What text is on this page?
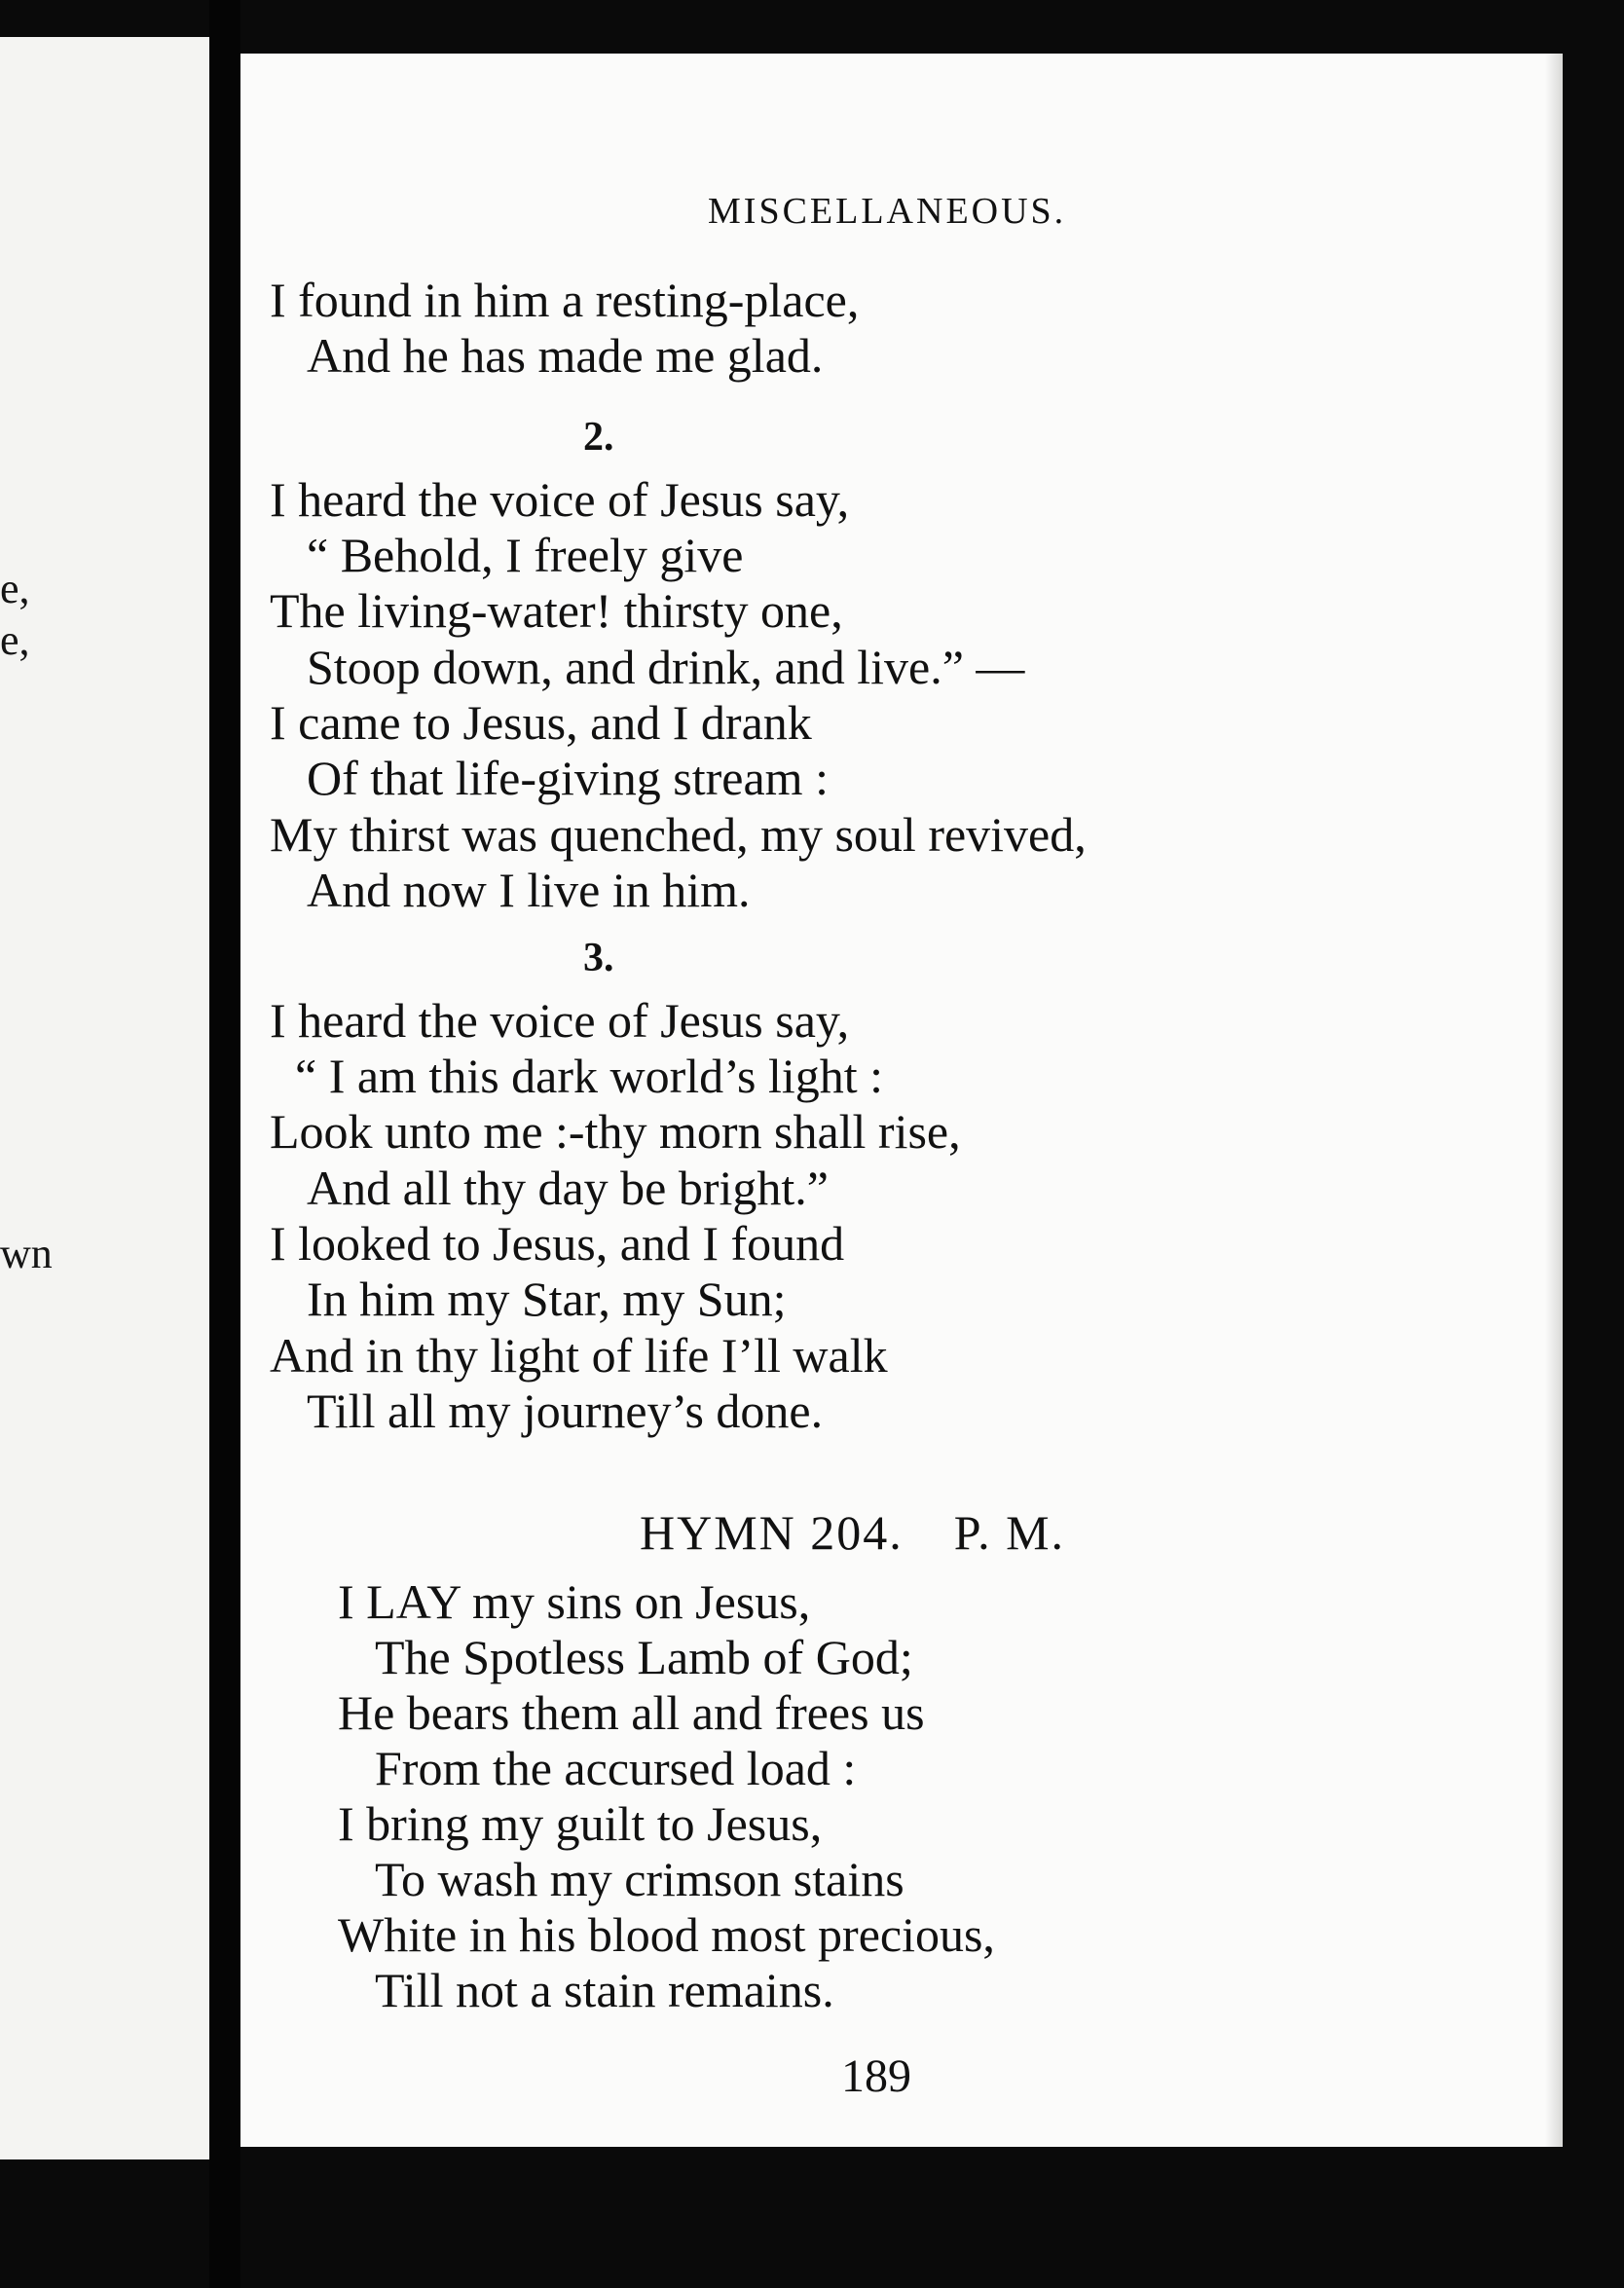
e,
e,
wn
MISCELLANEOUS.
I found in him a resting-place,
And he has made me glad.
2.
I heard the voice of Jesus say,
“ Behold, I freely give
The living-water! thirsty one,
Stoop down, and drink, and live.” —
I came to Jesus, and I drank
Of that life-giving stream :
My thirst was quenched, my soul revived,
And now I live in him.
3.
I heard the voice of Jesus say,
“ I am this dark world’s light :
Look unto me :-thy morn shall rise,
And all thy day be bright.”
I looked to Jesus, and I found
In him my Star, my Sun;
And in thy light of life I’ll walk
Till all my journey’s done.
HYMN 204. P. M.
I LAY my sins on Jesus,
The Spotless Lamb of God;
He bears them all and frees us
From the accursed load :
I bring my guilt to Jesus,
To wash my crimson stains
White in his blood most precious,
Till not a stain remains.
189
